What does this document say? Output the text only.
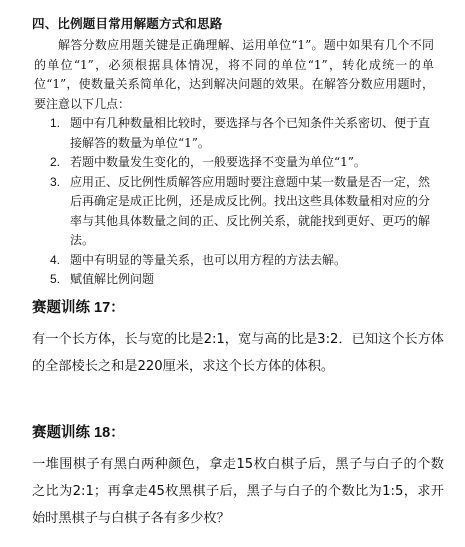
四、比例题目常用解题方式和思路

解答分数应用题关键是正确理解、运用单位“1”。题中如果有几个不同的单位“1”，必须根据具体情况，将不同的单位“1”，转化成统一的单位“1”，使数量关系简单化，达到解决问题的效果。在解答分数应用题时，要注意以下几点：

1. 题中有几种数量相比较时，要选择与各个已知条件关系密切、便于直接解答的数量为单位“1”。
2. 若题中数量发生变化的，一般要选择不变量为单位“1”。
3. 应用正、反比例性质解答应用题时要注意题中某一数量是否一定，然后再确定是成正比例，还是成反比例。找出这些具体数量相对应的分率与其他具体数量之间的正、反比例关系，就能找到更好、更巧的解法。
4. 题中有明显的等量关系，也可以用方程的方法去解。
5. 赋值解比例问题
赛题训练 17：

有一个长方体，长与宽的比是2:1，宽与高的比是3:2．已知这个长方体的全部棱长之和是220厘米，求这个长方体的体积。

赛题训练 18：

一堆围棋子有黑白两种颜色，拿走15枚白棋子后，黑子与白子的个数之比为2:1；再拿走45枚黑棋子后，黑子与白子的个数比为1:5，求开始时黑棋子与白棋子各有多少枚？
